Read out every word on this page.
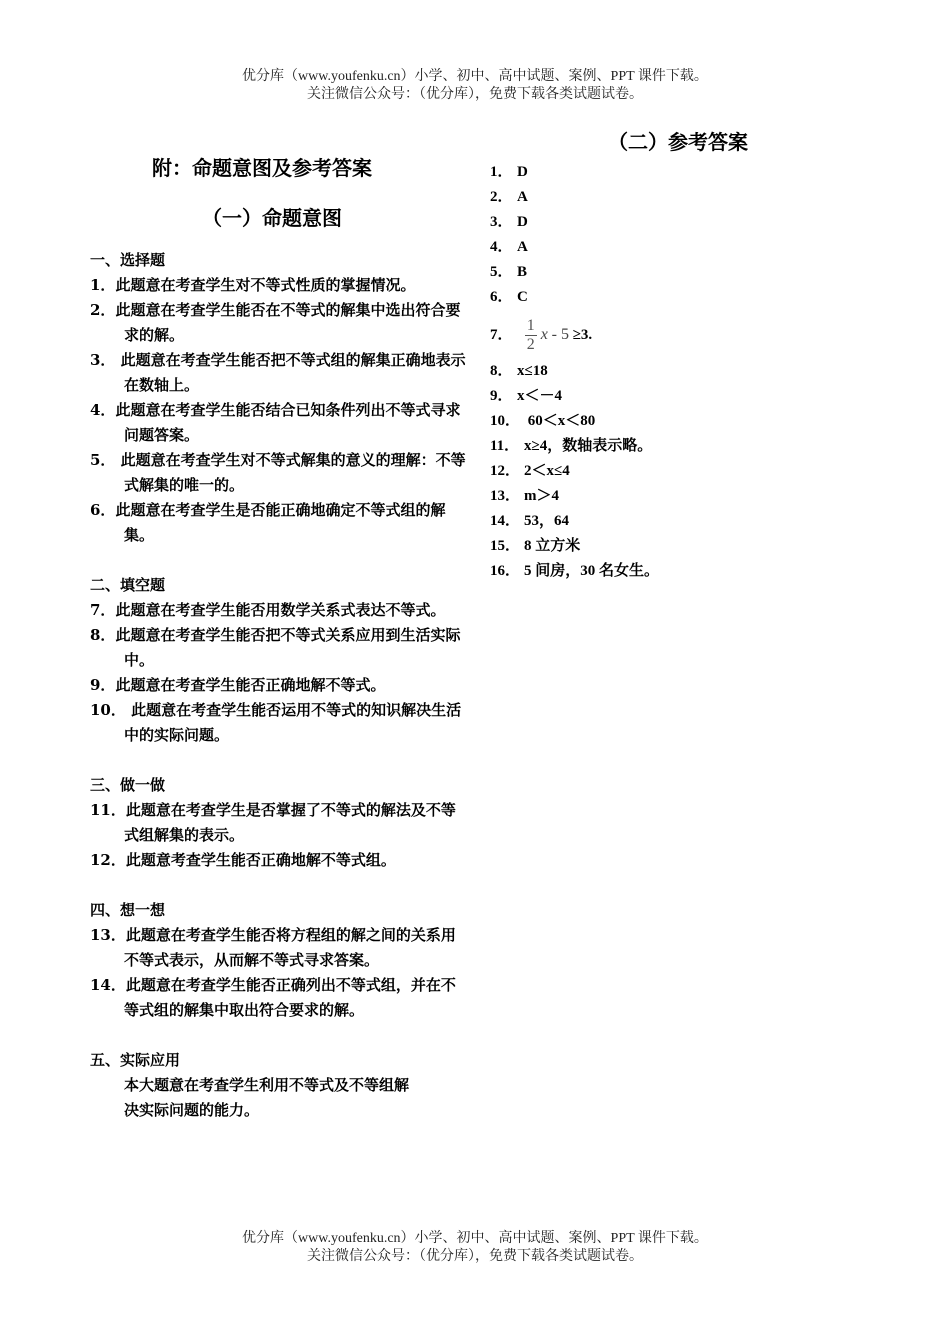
优分库（www.youfenku.cn）小学、初中、高中试题、案例、PPT 课件下载。
关注微信公众号：（优分库），免费下载各类试题试卷。
附：命题意图及参考答案
（一）命题意图
一、选择题
1．此题意在考查学生对不等式性质的掌握情况。
2．此题意在考查学生能否在不等式的解集中选出符合要求的解。
3． 此题意在考查学生能否把不等式组的解集正确地表示在数轴上。
4．此题意在考查学生能否结合已知条件列出不等式寻求问题答案。
5． 此题意在考查学生对不等式解集的意义的理解：不等式解集的唯一的。
6．此题意在考查学生是否能正确地确定不等式组的解集。
二、填空题
7．此题意在考查学生能否用数学关系式表达不等式。
8．此题意在考查学生能否把不等式关系应用到生活实际中。
9．此题意在考查学生能否正确地解不等式。
10． 此题意在考查学生能否运用不等式的知识解决生活中的实际问题。
三、做一做
11．此题意在考查学生是否掌握了不等式的解法及不等式组解集的表示。
12．此题意考查学生能否正确地解不等式组。
四、想一想
13．此题意在考查学生能否将方程组的解之间的关系用不等式表示，从而解不等式寻求答案。
14．此题意在考查学生能否正确列出不等式组，并在不等式组的解集中取出符合要求的解。
五、实际应用
本大题意在考查学生利用不等式及不等组解
决实际问题的能力。
（二）参考答案
1． D
2． A
3． D
4． A
5． B
6． C
7． $\frac{1}{2}$ x - 5 ≥3.
8． x≤18
9． x＜－4
10． 60＜x＜80
11． x≥4，数轴表示略。
12． 2＜x≤4
13． m＞4
14． 53，64
15． 8 立方米
16． 5 间房，30 名女生。
优分库（www.youfenku.cn）小学、初中、高中试题、案例、PPT 课件下载。
关注微信公众号：（优分库），免费下载各类试题试卷。
